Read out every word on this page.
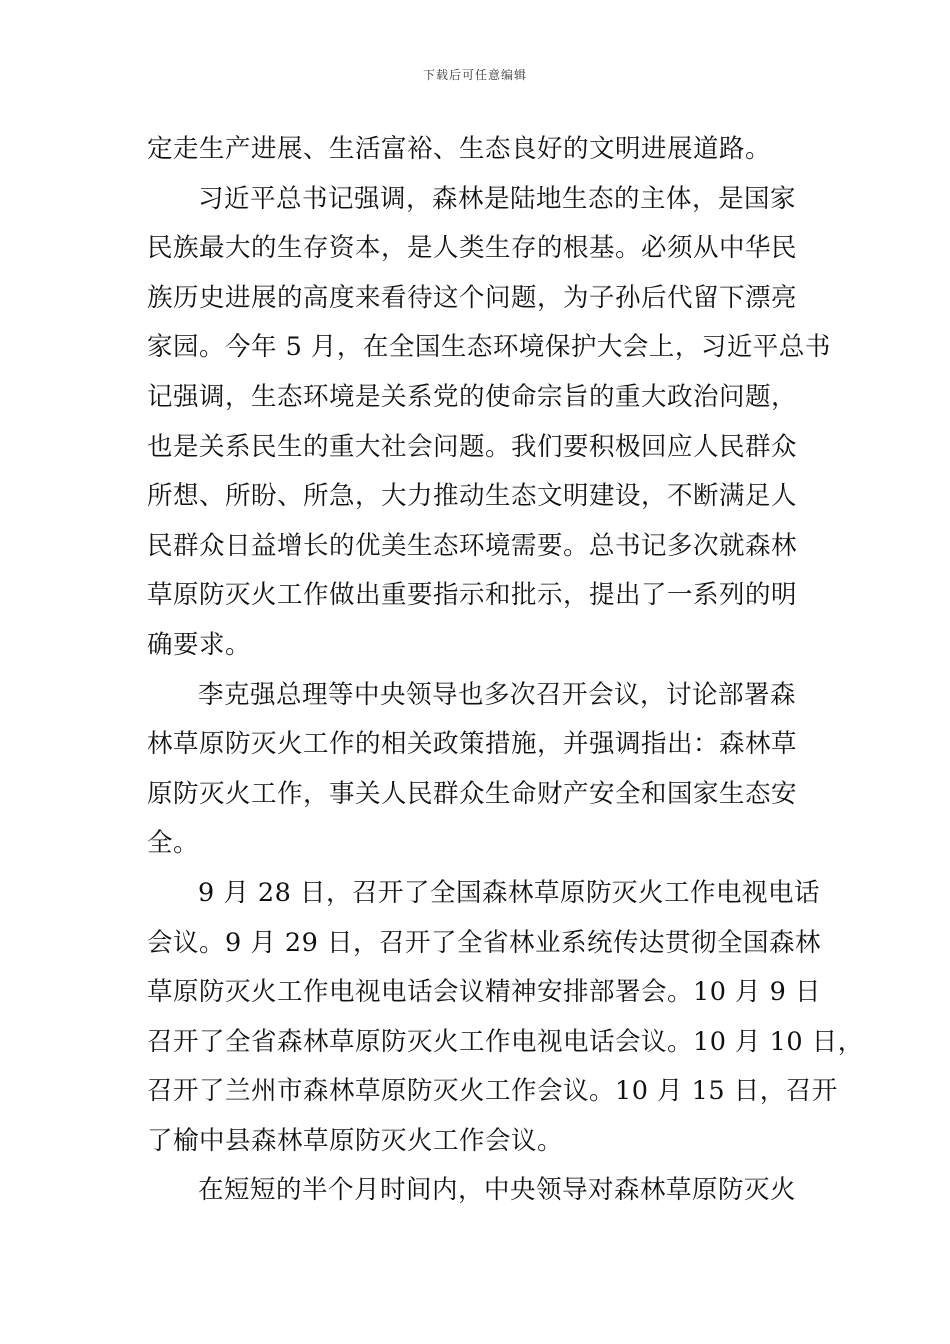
下载后可任意编辑
定走生产进展、生活富裕、生态良好的文明进展道路。
习近平总书记强调，森林是陆地生态的主体，是国家
民族最大的生存资本，是人类生存的根基。必须从中华民
族历史进展的高度来看待这个问题，为子孙后代留下漂亮
家园。今年 5 月，在全国生态环境保护大会上，习近平总书
记强调，生态环境是关系党的使命宗旨的重大政治问题，
也是关系民生的重大社会问题。我们要积极回应人民群众
所想、所盼、所急，大力推动生态文明建设，不断满足人
民群众日益增长的优美生态环境需要。总书记多次就森林
草原防灭火工作做出重要指示和批示，提出了一系列的明
确要求。
李克强总理等中央领导也多次召开会议，讨论部署森
林草原防灭火工作的相关政策措施，并强调指出：森林草
原防灭火工作，事关人民群众生命财产安全和国家生态安
全。
9 月 28 日，召开了全国森林草原防灭火工作电视电话
会议。9 月 29 日，召开了全省林业系统传达贯彻全国森林
草原防灭火工作电视电话会议精神安排部署会。10 月 9 日
召开了全省森林草原防灭火工作电视电话会议。10 月 10 日，
召开了兰州市森林草原防灭火工作会议。10 月 15 日，召开
了榆中县森林草原防灭火工作会议。
在短短的半个月时间内，中央领导对森林草原防灭火
